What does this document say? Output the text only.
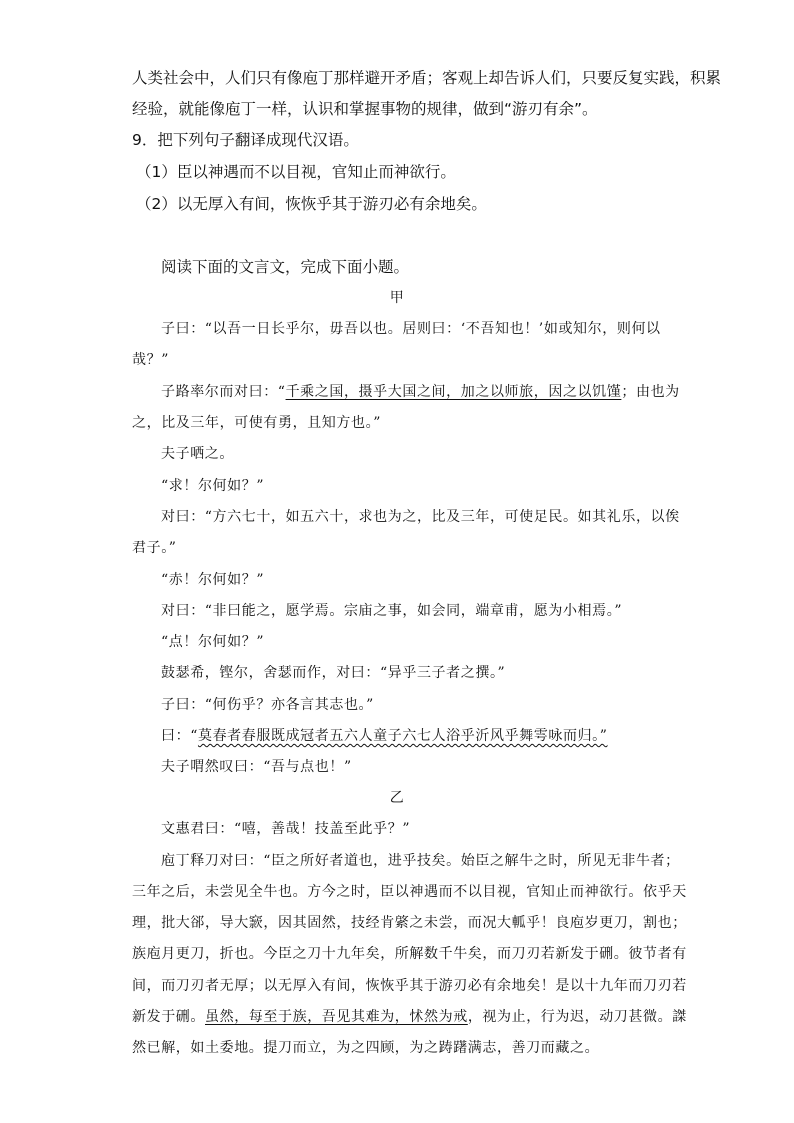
人类社会中，人们只有像庖丁那样避开矛盾；客观上却告诉人们，只要反复实践，积累
经验，就能像庖丁一样，认识和掌握事物的规律，做到“游刃有余”。
9．把下列句子翻译成现代汉语。
（1）臣以神遇而不以目视，官知止而神欲行。
（2）以无厚入有间，恢恢乎其于游刃必有余地矣。
阅读下面的文言文，完成下面小题。
甲
子曰：“以吾一日长乎尔，毋吾以也。居则曰：‘不吾知也！’如或知尔，则何以
哉？”
子路率尔而对曰：“千乘之国，摄乎大国之间，加之以师旅，因之以饥馑；由也为
之，比及三年，可使有勇，且知方也。”
夫子哂之。
“求！尔何如？”
对曰：“方六七十，如五六十，求也为之，比及三年，可使足民。如其礼乐，以俟
君子。”
“赤！尔何如？”
对曰：“非曰能之，愿学焉。宗庙之事，如会同，端章甫，愿为小相焉。”
“点！尔何如？”
鼓瑟希，铿尔，舍瑟而作，对曰：“异乎三子者之撰。”
子曰：“何伤乎？亦各言其志也。”
曰：“莫春者春服既成冠者五六人童子六七人浴乎沂风乎舞雩咏而归。”
夫子喟然叹曰：“吾与点也！”
乙
文惠君曰：“嘻，善哉！技盖至此乎？”
庖丁释刀对曰：“臣之所好者道也，进乎技矣。始臣之解牛之时，所见无非牛者；
三年之后，未尝见全牛也。方今之时，臣以神遇而不以目视，官知止而神欲行。依乎天
理，批大郤，导大窾，因其固然，技经肯綮之未尝，而况大軱乎！良庖岁更刀，割也；
族庖月更刀，折也。今臣之刀十九年矣，所解数千牛矣，而刀刃若新发于硎。彼节者有
间，而刀刃者无厚；以无厚入有间，恢恢乎其于游刃必有余地矣！是以十九年而刀刃若
新发于硎。虽然，每至于族，吾见其难为，怵然为戒，视为止，行为迟，动刀甚微。謋
然已解，如土委地。提刀而立，为之四顾，为之踌躇满志，善刀而藏之。
